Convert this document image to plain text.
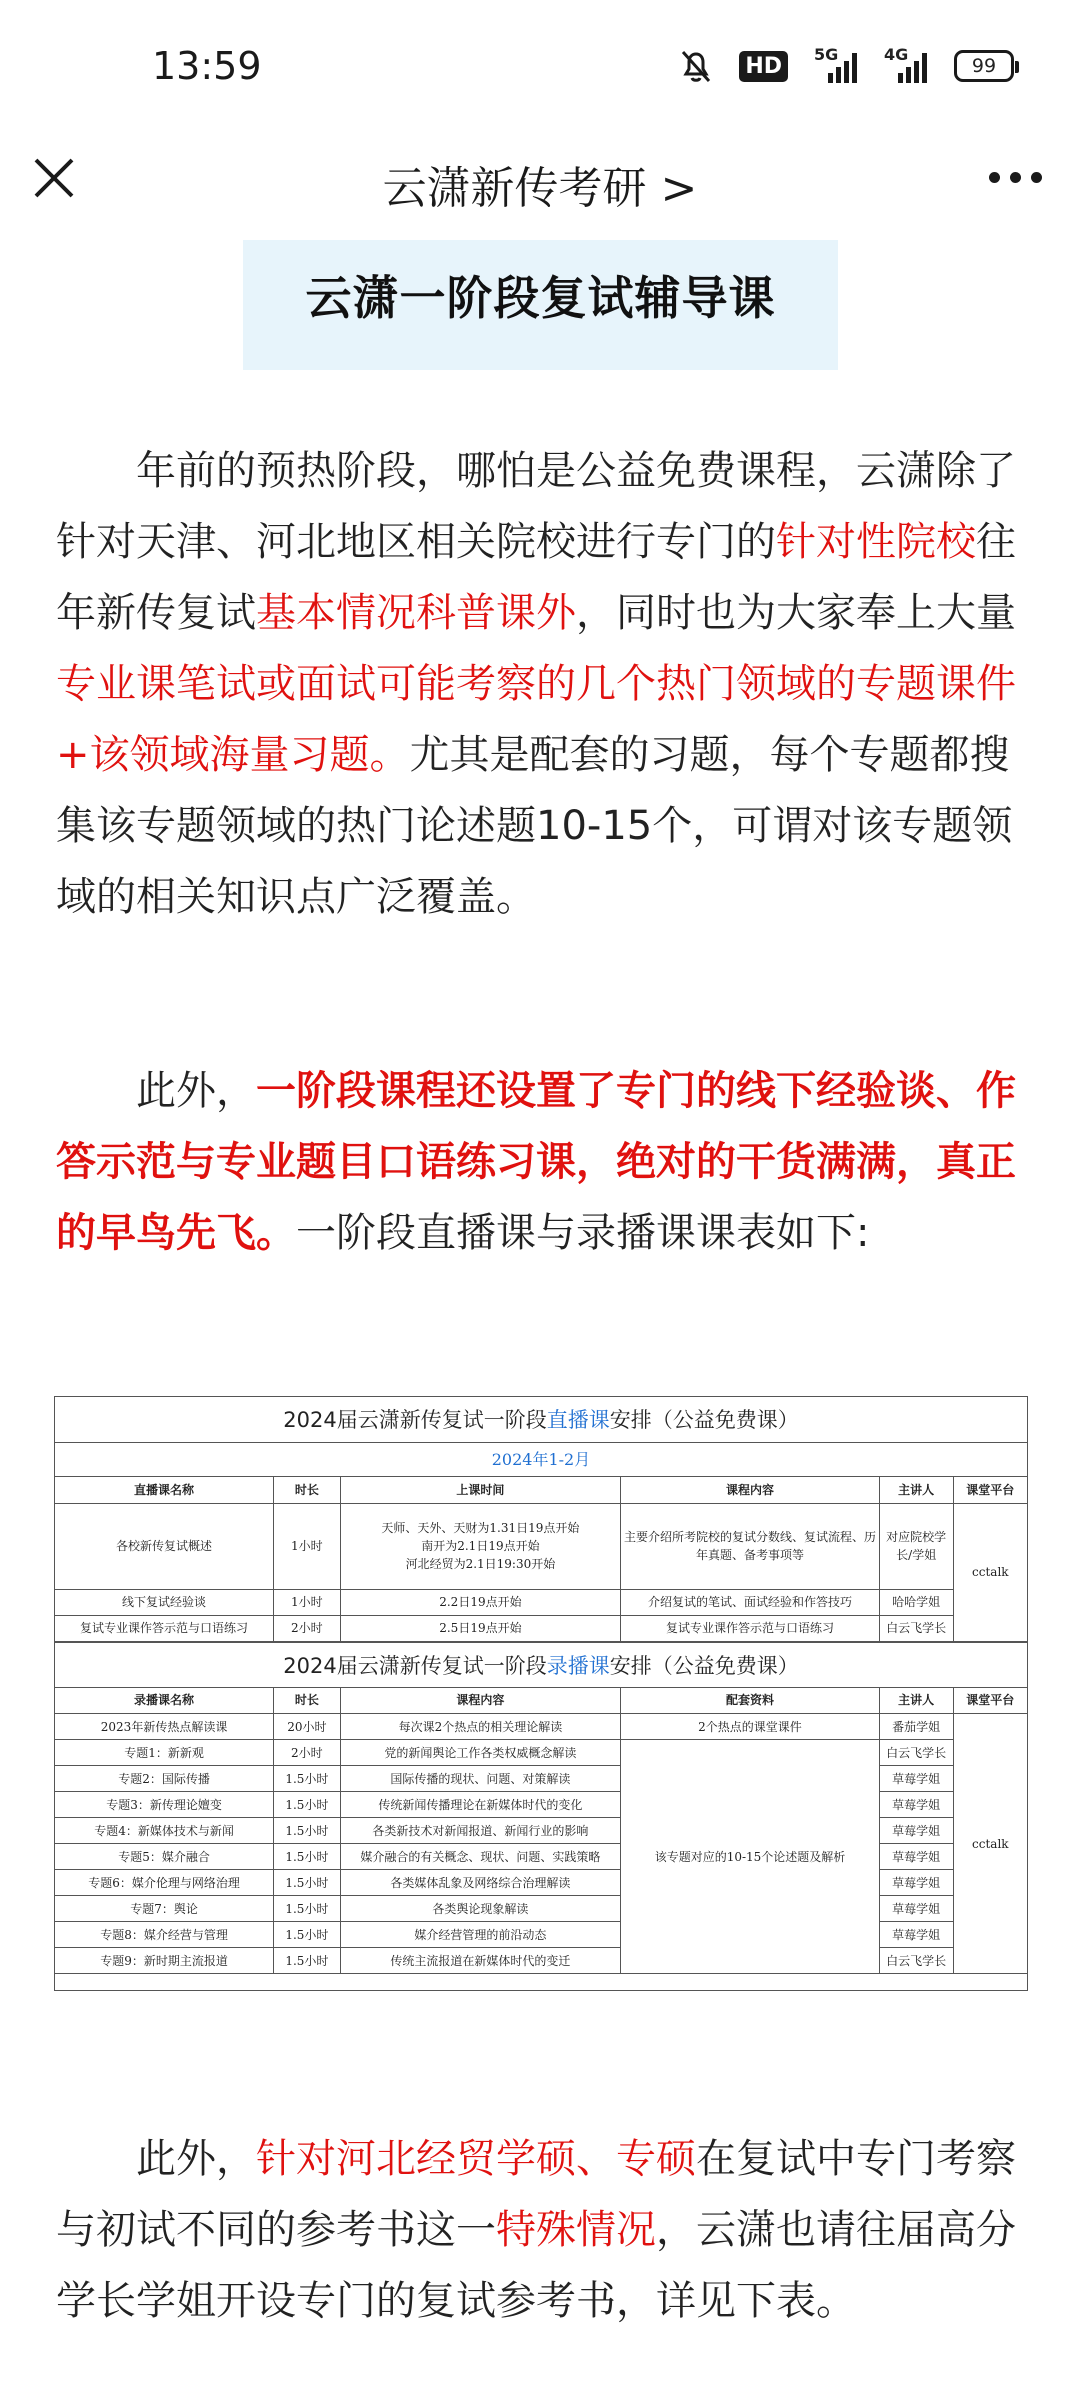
13:59	HD	5G	4G
99
云潇新传考研 >
云潇一阶段复试辅导课
年前的预热阶段，哪怕是公益免费课程，云潇除了针对天津、河北地区相关院校进行专门的针对性院校往年新传复试基本情况科普课外，同时也为大家奉上大量专业课笔试或面试可能考察的几个热门领域的专题课件+该领域海量习题。尤其是配套的习题，每个专题都搜集该专题领域的热门论述题10-15个，可谓对该专题领域的相关知识点广泛覆盖。
此外，一阶段课程还设置了专门的线下经验谈、作答示范与专业题目口语练习课，绝对的干货满满，真正的早鸟先飞。一阶段直播课与录播课课表如下:
2024届云潇新传复试一阶段直播课安排（公益免费课）
2024年1-2月
直播课名称	时长	上课时间	课程内容	主讲人	课堂平台
各校新传复试概述	1小时	天师、天外、天财为1.31日19点开始
南开为2.1日19点开始
河北经贸为2.1日19:30开始	主要介绍所考院校的复试分数线、复试流程、历年真题、备考事项等	对应院校学长/学姐	cctalk
线下复试经验谈	1小时	2.2日19点开始	介绍复试的笔试、面试经验和作答技巧	哈哈学姐	
复试专业课作答示范与口语练习	2小时	2.5日19点开始	复试专业课作答示范与口语练习	白云飞学长	
2024届云潇新传复试一阶段录播课安排（公益免费课）
录播课名称	时长	课程内容	配套资料	主讲人	课堂平台
2023年新传热点解读课	20小时	每次课2个热点的相关理论解读	2个热点的课堂课件	番茄学姐	cctalk
专题1：新新观	2小时	党的新闻舆论工作各类权威概念解读	该专题对应的10-15个论述题及解析	白云飞学长	
专题2：国际传播	1.5小时	国际传播的现状、问题、对策解读		草莓学姐	
专题3：新传理论嬗变	1.5小时	传统新闻传播理论在新媒体时代的变化		草莓学姐	
专题4：新媒体技术与新闻	1.5小时	各类新技术对新闻报道、新闻行业的影响		草莓学姐	
专题5：媒介融合	1.5小时	媒介融合的有关概念、现状、问题、实践策略		草莓学姐	
专题6：媒介伦理与网络治理	1.5小时	各类媒体乱象及网络综合治理解读		草莓学姐	
专题7：舆论	1.5小时	各类舆论现象解读		草莓学姐	
专题8：媒介经营与管理	1.5小时	媒介经营管理的前沿动态		草莓学姐	
专题9：新时期主流报道	1.5小时	传统主流报道在新媒体时代的变迁		白云飞学长	
此外，针对河北经贸学硕、专硕在复试中专门考察与初试不同的参考书这一特殊情况，云潇也请往届高分学长学姐开设专门的复试参考书，详见下表。
